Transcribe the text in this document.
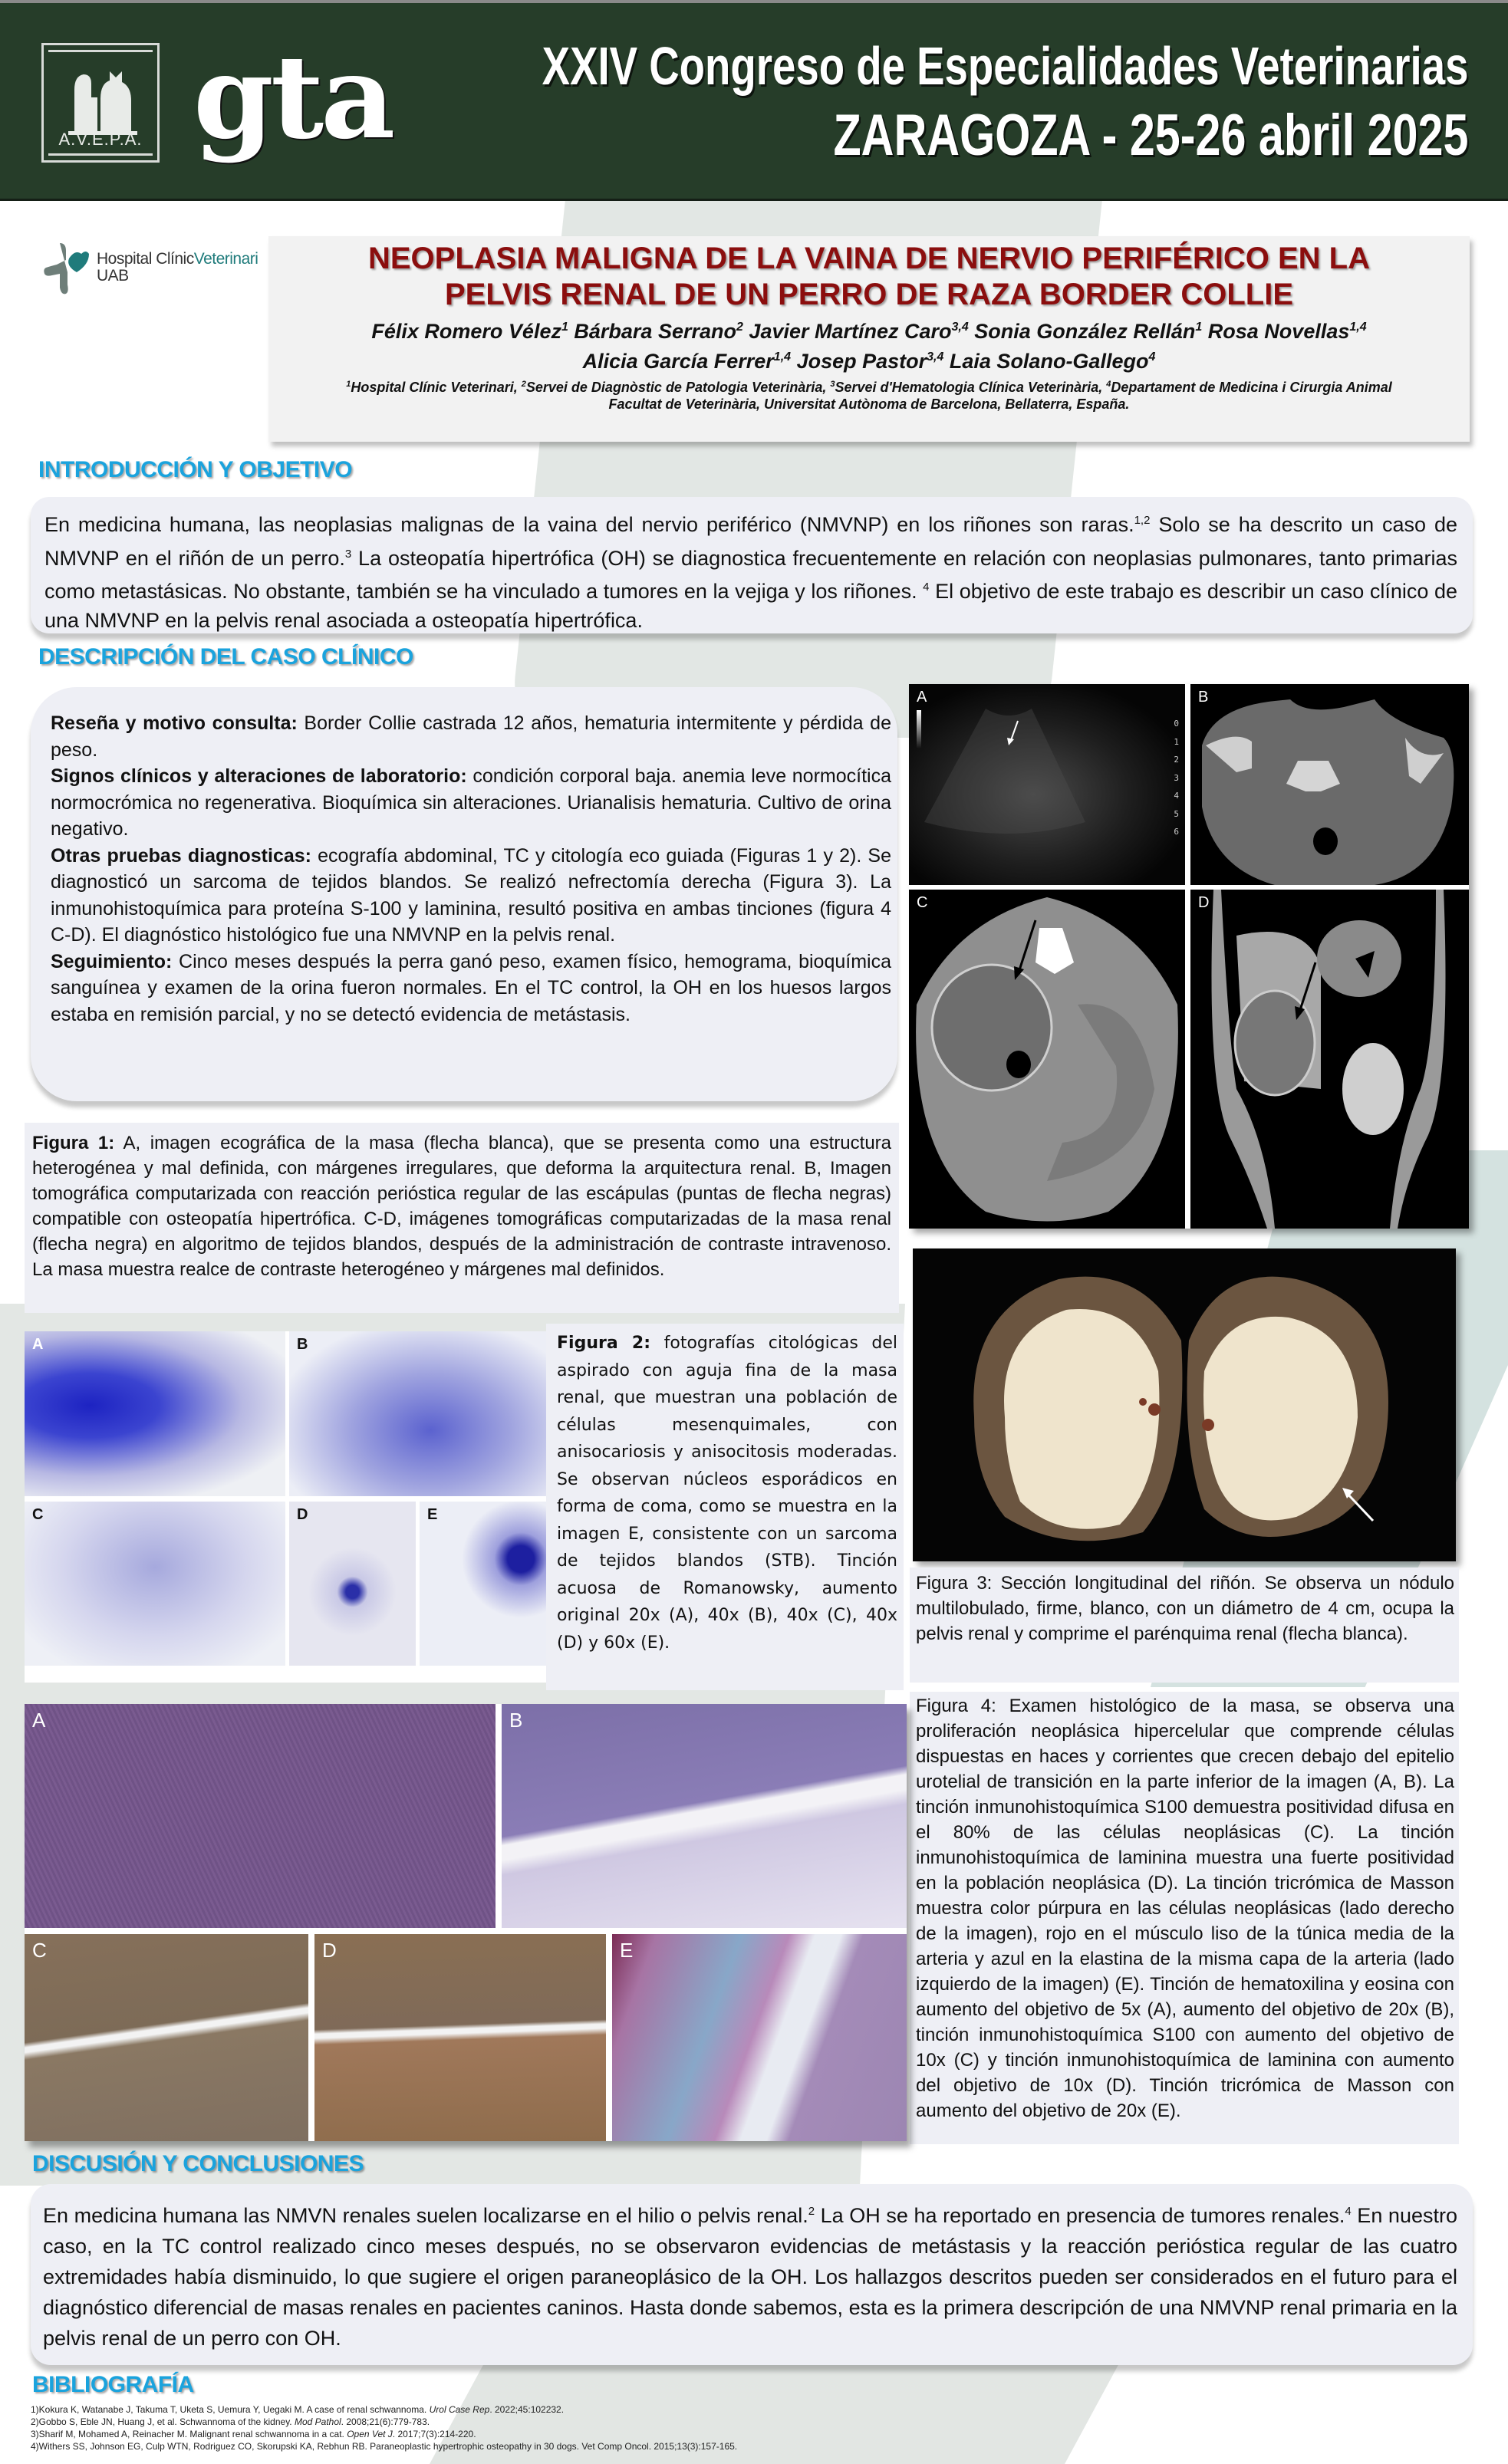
A.V.E.P.A. gta	XXIV Congreso de Especialidades Veterinarias
ZARAGOZA - 25-26 abril 2025
Hospital ClínicVeterinari
UAB
NEOPLASIA MALIGNA DE LA VAINA DE NERVIO PERIFÉRICO EN LA
PELVIS RENAL DE UN PERRO DE RAZA BORDER COLLIE
Félix Romero Vélez$^1$ Bárbara Serrano$^2$ Javier Martínez Caro$^{3,4}$ Sonia González Rellán$^1$ Rosa Novellas$^{1,4}$
Alicia García Ferrer$^{1,4}$ Josep Pastor$^{3,4}$ Laia Solano-Gallego$^4$
$^1$Hospital Clínic Veterinari, $^2$Servei de Diagnòstic de Patologia Veterinària, $^3$Servei d'Hematologia Clínica Veterinària, $^4$Departament de Medicina i Cirurgia Animal
Facultat de Veterinària, Universitat Autònoma de Barcelona, Bellaterra, España.
INTRODUCCIÓN Y OBJETIVO

En medicina humana, las neoplasias malignas de la vaina del nervio periférico (NMVNP) en los riñones son raras.$^{1,2}$ Solo se ha descrito un caso de NMVNP en el riñón de un perro.$^3$ La osteopatía hipertrófica (OH) se diagnostica frecuentemente en relación con neoplasias pulmonares, tanto primarias como metastásicas. No obstante, también se ha vinculado a tumores en la vejiga y los riñones. $^4$ El objetivo de este trabajo es describir un caso clínico de una NMVNP en la pelvis renal asociada a osteopatía hipertrófica.

DESCRIPCIÓN DEL CASO CLÍNICO

Reseña y motivo consulta: Border Collie castrada 12 años, hematuria intermitente y pérdida de peso.

Signos clínicos y alteraciones de laboratorio: condición corporal baja. anemia leve normocítica normocrómica no regenerativa. Bioquímica sin alteraciones. Urianalisis hematuria. Cultivo de orina negativo.

Otras pruebas diagnosticas: ecografía abdominal, TC y citología eco guiada (Figuras 1 y 2). Se diagnosticó un sarcoma de tejidos blandos. Se realizó nefrectomía derecha (Figura 3). La inmunohistoquímica para proteína S-100 y laminina, resultó positiva en ambas tinciones (figura 4 C-D). El diagnóstico histológico fue una NMVNP en la pelvis renal.

Seguimiento: Cinco meses después la perra ganó peso, examen físico, hemograma, bioquímica sanguínea y examen de la orina fueron normales. En el TC control, la OH en los huesos largos estaba en remisión parcial, y no se detectó evidencia de metástasis.

Figura 1: A, imagen ecográfica de la masa (flecha blanca), que se presenta como una estructura heterogénea y mal definida, con márgenes irregulares, que deforma la arquitectura renal. B, Imagen tomográfica computarizada con reacción perióstica regular de las escápulas (puntas de flecha negras) compatible con osteopatía hipertrófica. C-D, imágenes tomográficas computarizadas de la masa renal (flecha negra) en algoritmo de tejidos blandos, después de la administración de contraste intravenoso. La masa muestra realce de contraste heterogéneo y márgenes mal definidos.

A
0
1
2
3
4
5
6
B
C	D

Figura 3: Sección longitudinal del riñón. Se observa un nódulo multilobulado, firme, blanco, con un diámetro de 4 cm, ocupa la pelvis renal y comprime el parénquima renal (flecha blanca).

A	B
C	D	E

Figura 2: fotografías citológicas del aspirado con aguja fina de la masa renal, que muestran una población de células mesenquimales, con anisocariosis y anisocitosis moderadas. Se observan núcleos esporádicos en forma de coma, como se muestra en la imagen E, consistente con un sarcoma de tejidos blandos (STB). Tinción acuosa de Romanowsky, aumento original 20x (A), 40x (B), 40x (C), 40x (D) y 60x (E).

Figura 4: Examen histológico de la masa, se observa una proliferación neoplásica hipercelular que comprende células dispuestas en haces y corrientes que crecen debajo del epitelio urotelial de transición en la parte inferior de la imagen (A, B). La tinción inmunohistoquímica S100 demuestra positividad difusa en el 80% de las células neoplásicas (C). La tinción inmunohistoquímica de laminina muestra una fuerte positividad en la población neoplásica (D). La tinción tricrómica de Masson muestra color púrpura en las células neoplásicas (lado derecho de la imagen), rojo en el músculo liso de la túnica media de la arteria y azul en la elastina de la misma capa de la arteria (lado izquierdo de la imagen) (E). Tinción de hematoxilina y eosina con aumento del objetivo de 5x (A), aumento del objetivo de 20x (B), tinción inmunohistoquímica S100 con aumento del objetivo de 10x (C) y tinción inmunohistoquímica de laminina con aumento del objetivo de 10x (D). Tinción tricrómica de Masson con aumento del objetivo de 20x (E).

A	B
C	D	E
DISCUSIÓN Y CONCLUSIONES

En medicina humana las NMVN renales suelen localizarse en el hilio o pelvis renal.$^2$ La OH se ha reportado en presencia de tumores renales.$^4$ En nuestro caso, en la TC control realizado cinco meses después, no se observaron evidencias de metástasis y la reacción perióstica regular de las cuatro extremidades había disminuido, lo que sugiere el origen paraneoplásico de la OH. Los hallazgos descritos pueden ser considerados en el futuro para el diagnóstico diferencial de masas renales en pacientes caninos. Hasta donde sabemos, esta es la primera descripción de una NMVNP renal primaria en la pelvis renal de un perro con OH.

BIBLIOGRAFÍA
1)Kokura K, Watanabe J, Takuma T, Uketa S, Uemura Y, Uegaki M. A case of renal schwannoma. Urol Case Rep. 2022;45:102232.
2)Gobbo S, Eble JN, Huang J, et al. Schwannoma of the kidney. Mod Pathol. 2008;21(6):779-783.
3)Sharif M, Mohamed A, Reinacher M. Malignant renal schwannoma in a cat. Open Vet J. 2017;7(3):214-220.
4)Withers SS, Johnson EG, Culp WTN, Rodriguez CO, Skorupski KA, Rebhun RB. Paraneoplastic hypertrophic osteopathy in 30 dogs. Vet Comp Oncol. 2015;13(3):157-165.
